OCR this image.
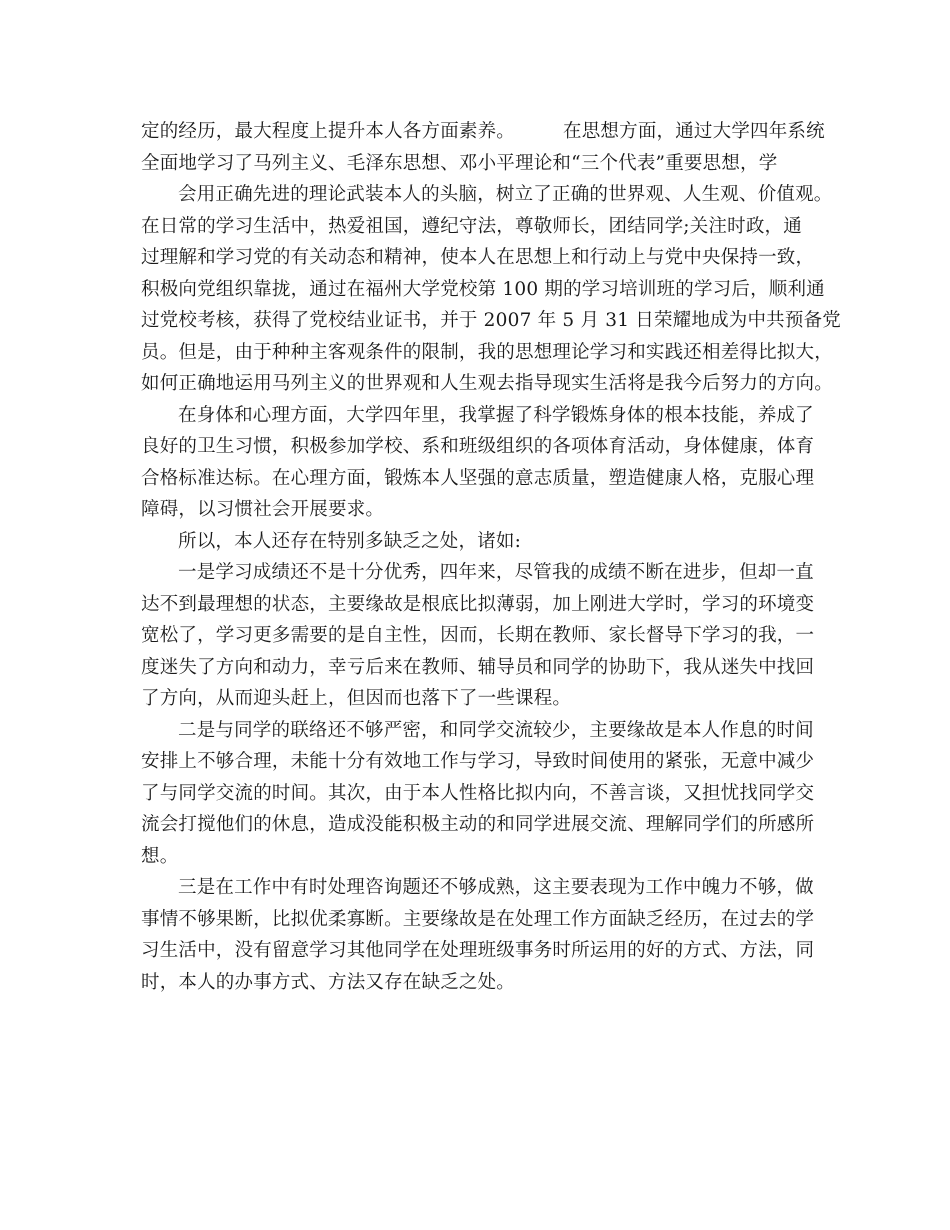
定的经历，最大程度上提升本人各方面素养。	在思想方面，通过大学四年系统
全面地学习了马列主义、毛泽东思想、邓小平理论和“三个代表”重要思想，学
会用正确先进的理论武装本人的头脑，树立了正确的世界观、人生观、价值观。
在日常的学习生活中，热爱祖国，遵纪守法，尊敬师长，团结同学;关注时政，通
过理解和学习党的有关动态和精神，使本人在思想上和行动上与党中央保持一致，
积极向党组织靠拢，通过在福州大学党校第 100 期的学习培训班的学习后，顺利通
过党校考核，获得了党校结业证书，并于 2007 年 5 月 31 日荣耀地成为中共预备党
员。但是，由于种种主客观条件的限制，我的思想理论学习和实践还相差得比拟大，
如何正确地运用马列主义的世界观和人生观去指导现实生活将是我今后努力的方向。
在身体和心理方面，大学四年里，我掌握了科学锻炼身体的根本技能，养成了
良好的卫生习惯，积极参加学校、系和班级组织的各项体育活动，身体健康，体育
合格标准达标。在心理方面，锻炼本人坚强的意志质量，塑造健康人格，克服心理
障碍，以习惯社会开展要求。
所以，本人还存在特别多缺乏之处，诸如:
一是学习成绩还不是十分优秀，四年来，尽管我的成绩不断在进步，但却一直
达不到最理想的状态，主要缘故是根底比拟薄弱，加上刚进大学时，学习的环境变
宽松了，学习更多需要的是自主性，因而，长期在教师、家长督导下学习的我，一
度迷失了方向和动力，幸亏后来在教师、辅导员和同学的协助下，我从迷失中找回
了方向，从而迎头赶上，但因而也落下了一些课程。
二是与同学的联络还不够严密，和同学交流较少，主要缘故是本人作息的时间
安排上不够合理，未能十分有效地工作与学习，导致时间使用的紧张，无意中减少
了与同学交流的时间。其次，由于本人性格比拟内向，不善言谈，又担忧找同学交
流会打搅他们的休息，造成没能积极主动的和同学进展交流、理解同学们的所感所
想。
三是在工作中有时处理咨询题还不够成熟，这主要表现为工作中魄力不够，做
事情不够果断，比拟优柔寡断。主要缘故是在处理工作方面缺乏经历，在过去的学
习生活中，没有留意学习其他同学在处理班级事务时所运用的好的方式、方法，同
时，本人的办事方式、方法又存在缺乏之处。
